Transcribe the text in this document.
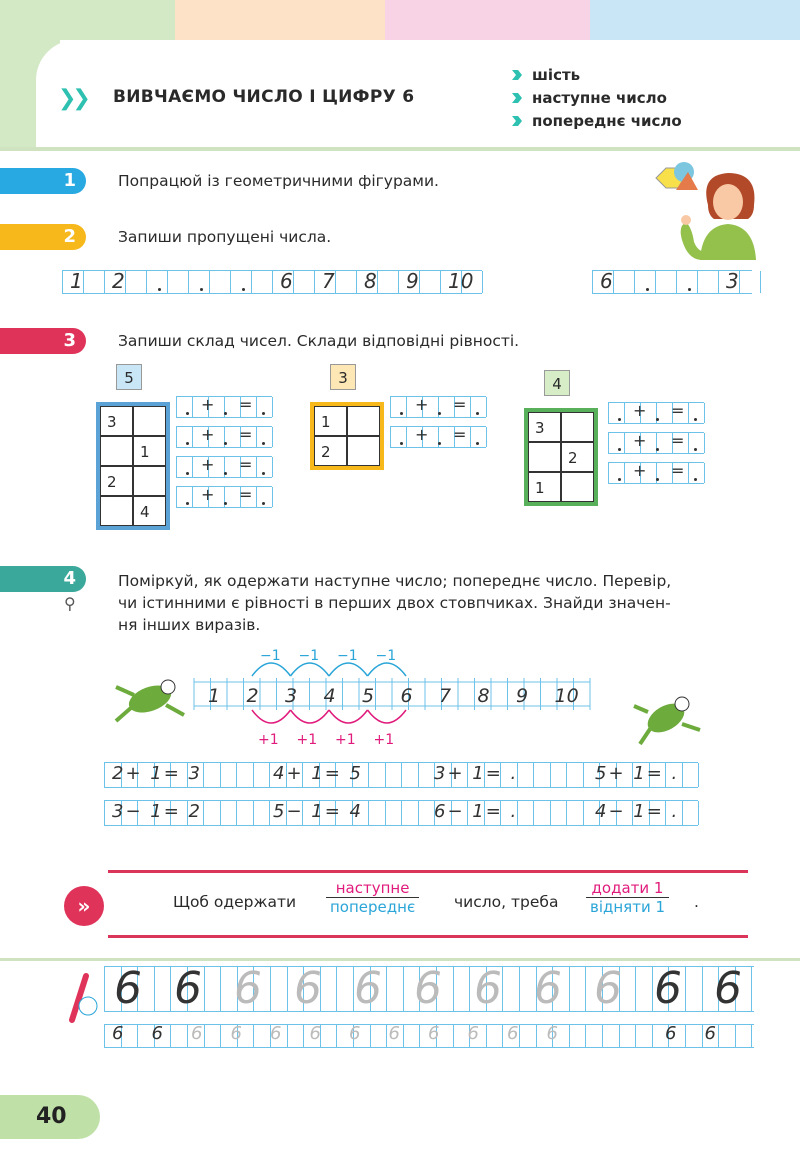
❯❯ ВИВЧАЄМО ЧИСЛО І ЦИФРУ 6
шість
наступне число
попереднє число
1	Попрацюй із геометричними фігурами.
2	Запиши пропущені числа.
1 2	6 7 8 9 10	6	3
3	Запиши склад чисел. Склади відповідні рівності.
5
3
1
2
4
+ =
+ =
+ =
+ =
3
1
2
+ =
+ =
4
3
2
1
+ =
+ =
+ =
4
⚲
Поміркуй, як одержати наступне число; попереднє число. Перевір,
чи істинними є рівності в перших двох стовпчиках. Знайди значен-
ня інших виразів.
1 2 3 4 5 6 7 8 9 10
−1
+1
−1
+1
−1
+1
−1
+1
2+ 1= 3	4+ 1= 5	3+ 1= .	5+ 1= .
3− 1= 2	5− 1= 4	6− 1= .	4− 1= .
»	Щоб одержати
наступне
попереднє	число, треба
додати 1
відняти 1 .
6 6 6 6 6 6 6 6 6 6 6
6 6 6 6 6 6 6 6 6 6 6 6	6 6
40
